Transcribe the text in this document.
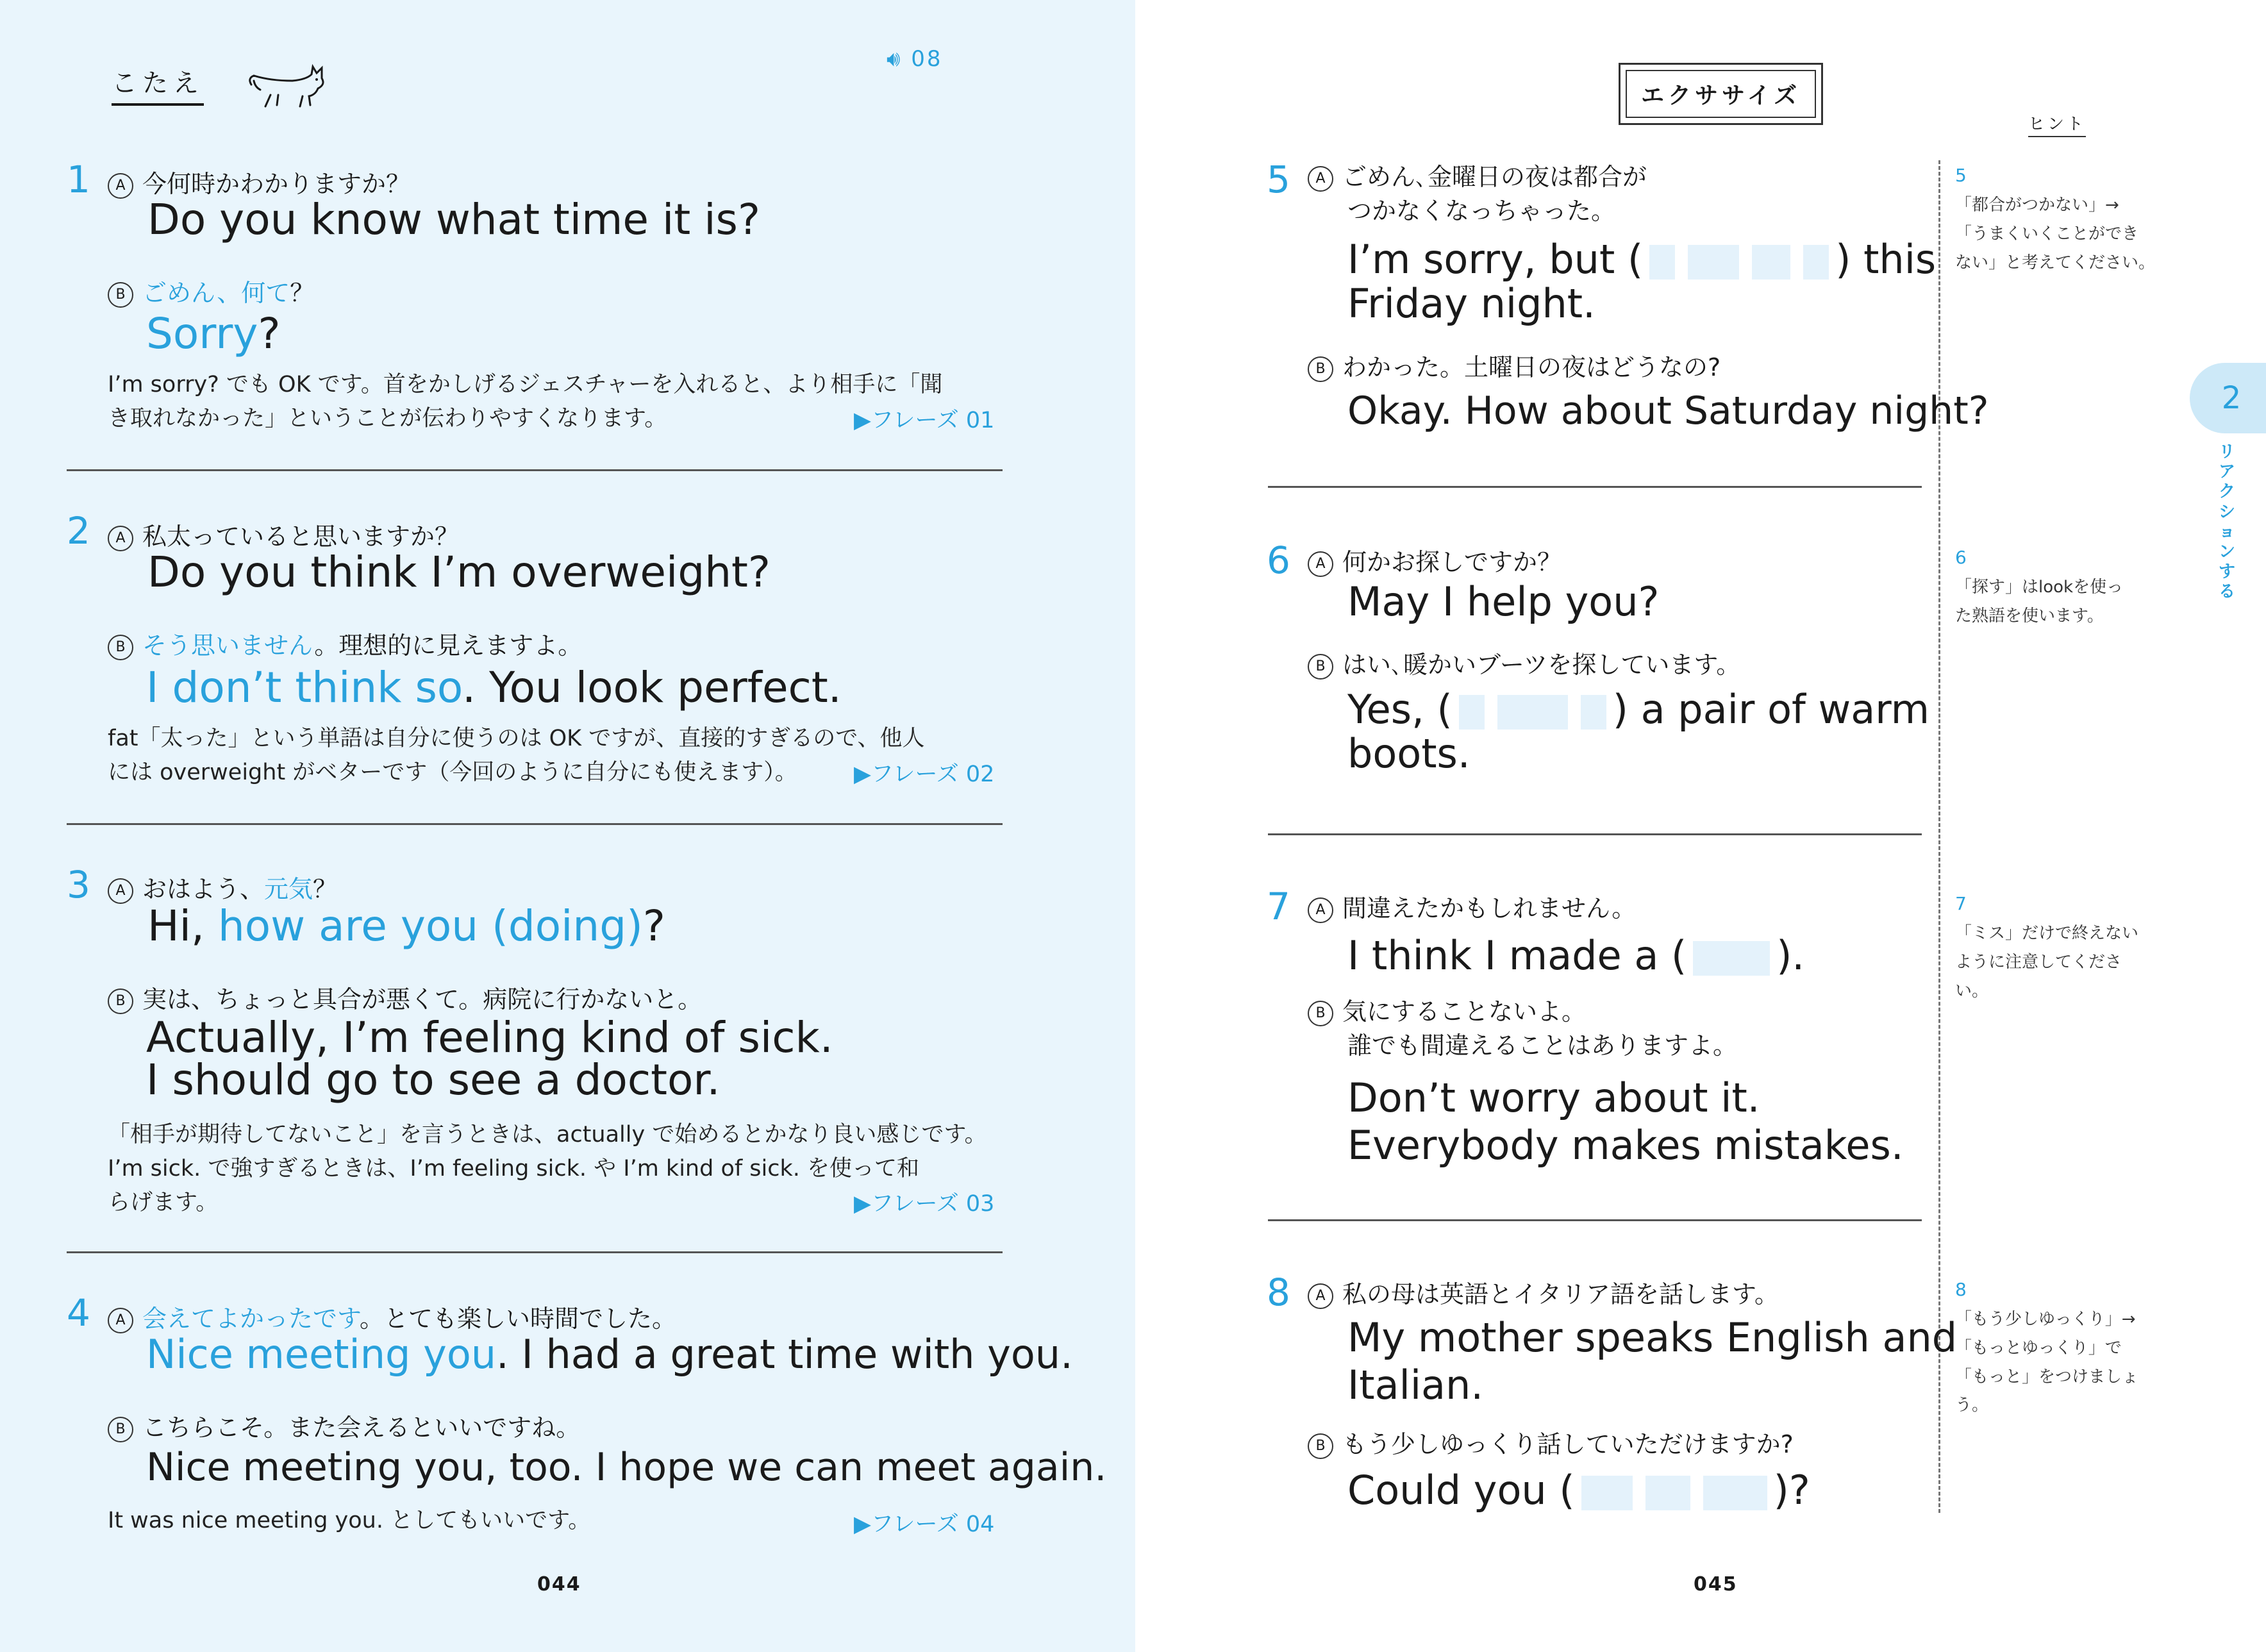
こたえ
🔊︎ 08
1	A 今何時かわかりますか？
Do you know what time it is?
B ごめん、何て？
Sorry?
I’m sorry? でも OK です。首をかしげるジェスチャーを入れると、より相手に「聞
き取れなかった」ということが伝わりやすくなります。	▶フレーズ 01
2	A 私太っていると思いますか？
Do you think I’m overweight?
B そう思いません。理想的に見えますよ。
I don’t think so. You look perfect.
fat「太った」という単語は自分に使うのは OK ですが、直接的すぎるので、他人
には overweight がベターです（今回のように自分にも使えます）。	▶フレーズ 02
3	A おはよう、元気？
Hi, how are you (doing)?
B 実は、ちょっと具合が悪くて。病院に行かないと。
Actually, I’m feeling kind of sick.
I should go to see a doctor.
「相手が期待してないこと」を言うときは、actually で始めるとかなり良い感じです。
I’m sick. で強すぎるときは、I’m feeling sick. や I’m kind of sick. を使って和
らげます。	▶フレーズ 03
4	A 会えてよかったです。とても楽しい時間でした。
Nice meeting you. I had a great time with you.
B こちらこそ。また会えるといいですね。
Nice meeting you, too. I hope we can meet again.
It was nice meeting you. としてもいいです。	▶フレーズ 04
044
エクササイズ
ヒント
2
リアクションする
5	A ごめん､金曜日の夜は都合が
つかなくなっちゃった。
I’m sorry, but (	) this
Friday night.
B わかった。土曜日の夜はどうなの?
Okay. How about Saturday night?
5
「都合がつかない」→
「うまくいくことができ
ない」と考えてください。
6	A 何かお探しですか？
May I help you?
B はい､暖かいブーツを探しています。
Yes, (	) a pair of warm
boots.
6
「探す」はlookを使っ
た熟語を使います。
7	A 間違えたかもしれません。
I think I made a ( ).
B 気にすることないよ。
誰でも間違えることはありますよ。
Don’t worry about it.
Everybody makes mistakes.
7
「ミス」だけで終えない
ように注意してくださ
い。
8	A 私の母は英語とイタリア語を話します。
My mother speaks English and
Italian.
B もう少しゆっくり話していただけますか?
Could you (	)?
8
「もう少しゆっくり」→
「もっとゆっくり」で
「もっと」をつけましょ
う。
045
